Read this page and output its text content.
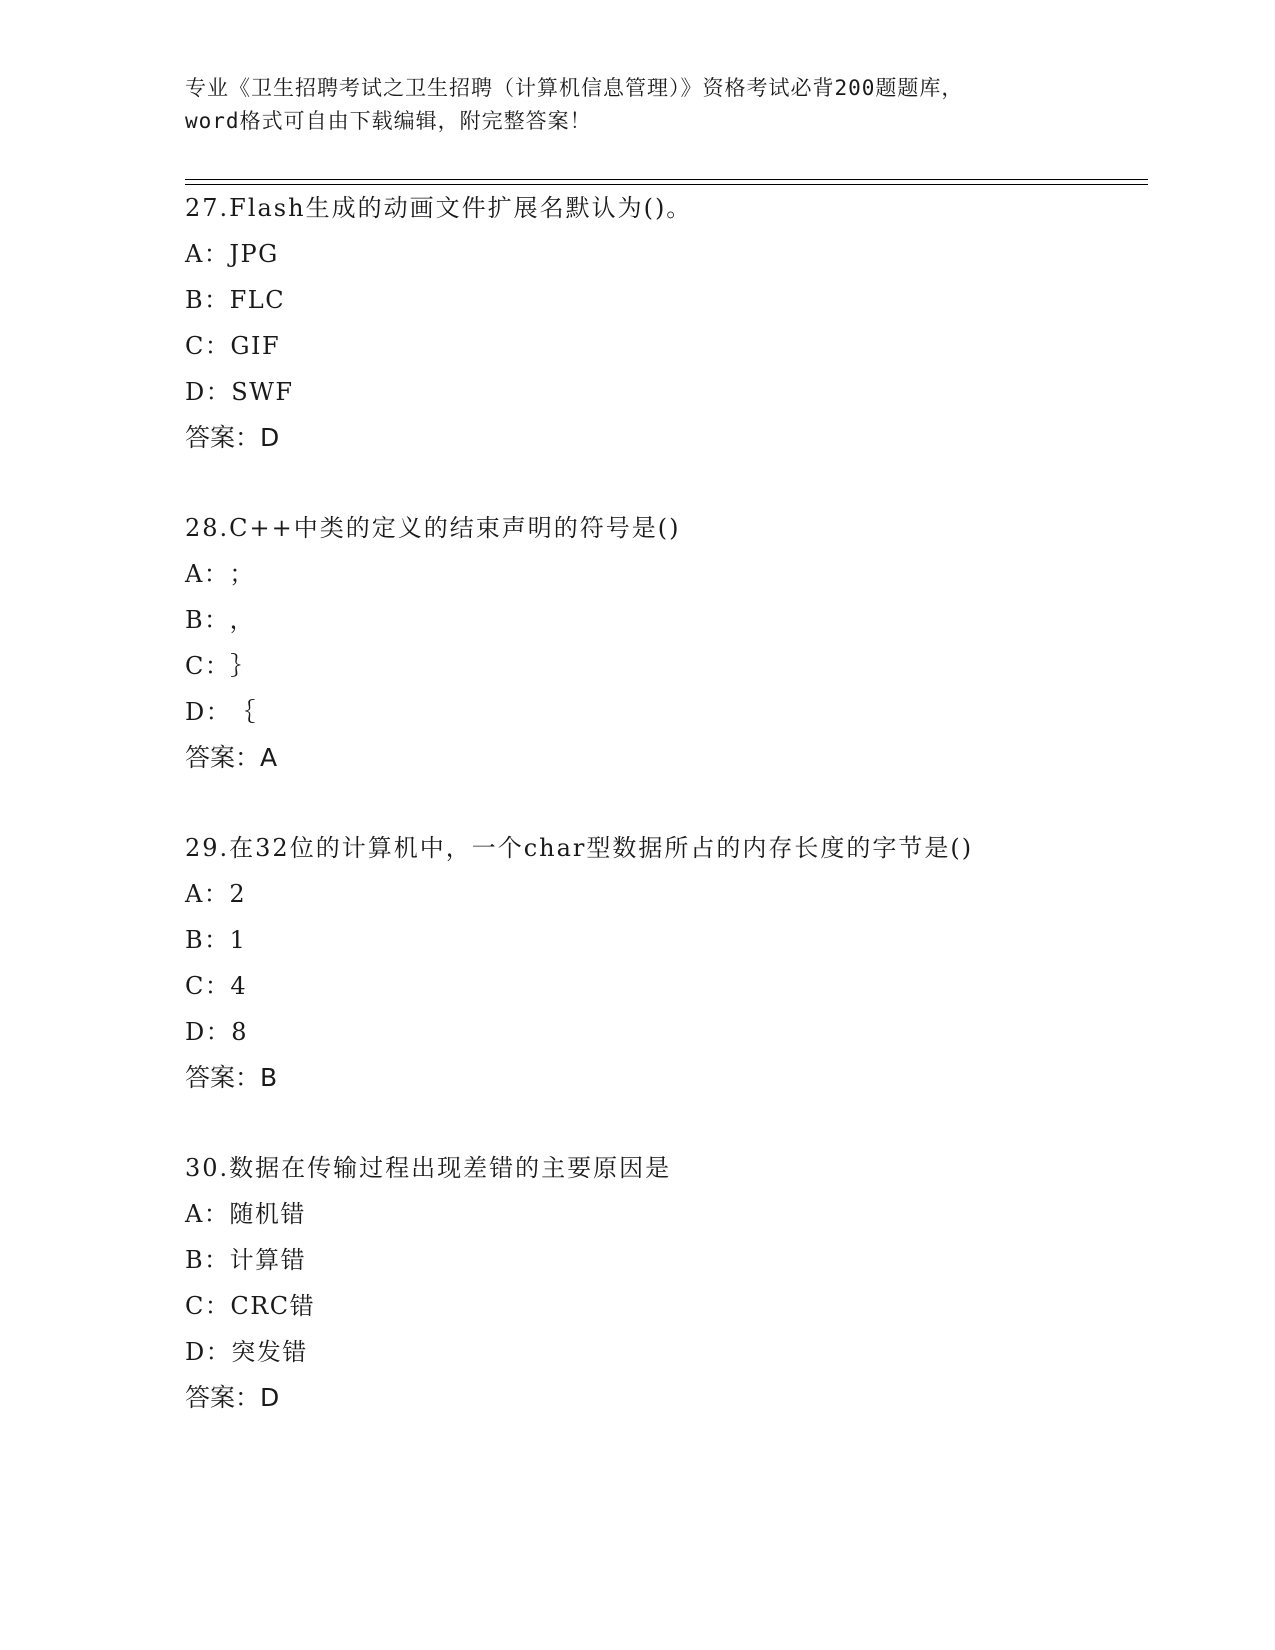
专业《卫生招聘考试之卫生招聘（计算机信息管理）》资格考试必背200题题库，
word格式可自由下载编辑，附完整答案！
27.Flash生成的动画文件扩展名默认为()。
A：JPG
B：FLC
C：GIF
D：SWF
答案：D
28.C++中类的定义的结束声明的符号是()
A：；
B：，
C：｝
D：｛
答案：A
29.在32位的计算机中，一个char型数据所占的内存长度的字节是()
A：2
B：1
C：4
D：8
答案：B
30.数据在传输过程出现差错的主要原因是
A：随机错
B：计算错
C：CRC错
D：突发错
答案：D
